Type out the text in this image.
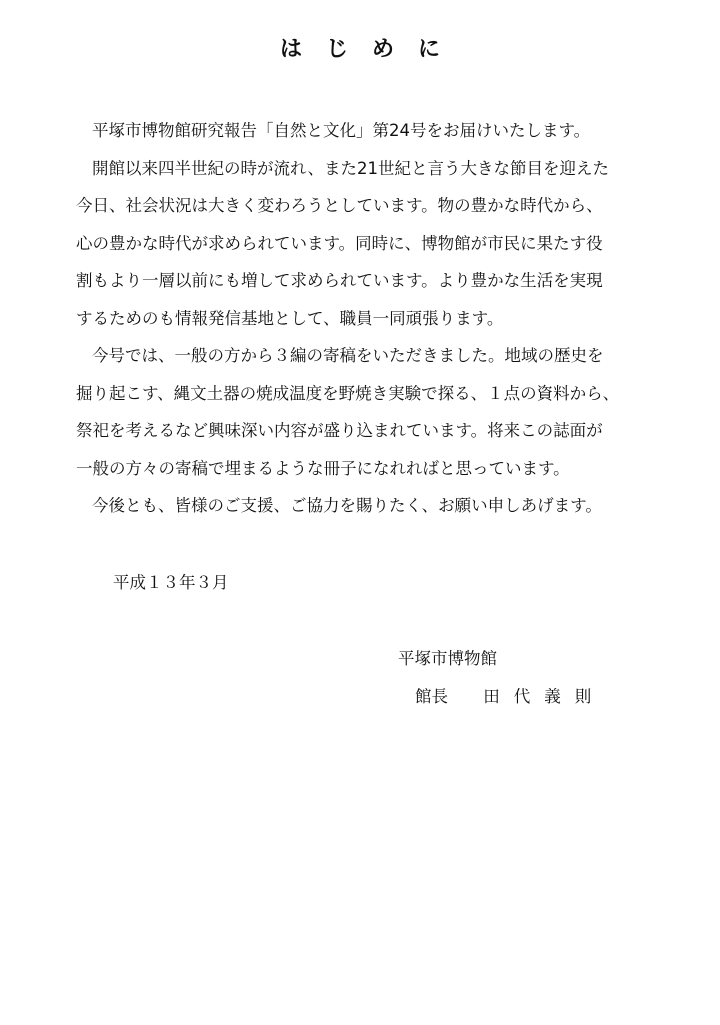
はじめに
平塚市博物館研究報告「自然と文化」第24号をお届けいたします。
開館以来四半世紀の時が流れ、また21世紀と言う大きな節目を迎えた
今日、社会状況は大きく変わろうとしています。物の豊かな時代から、
心の豊かな時代が求められています。同時に、博物館が市民に果たす役
割もより一層以前にも増して求められています。より豊かな生活を実現
するためのも情報発信基地として、職員一同頑張ります。
今号では、一般の方から３編の寄稿をいただきました。地域の歴史を
掘り起こす、縄文土器の焼成温度を野焼き実験で探る、１点の資料から、
祭祀を考えるなど興味深い内容が盛り込まれています。将来この誌面が
一般の方々の寄稿で埋まるような冊子になれればと思っています。
今後とも、皆様のご支援、ご協力を賜りたく、お願い申しあげます。
平成１３年３月
平塚市博物館
館長 田代義則
